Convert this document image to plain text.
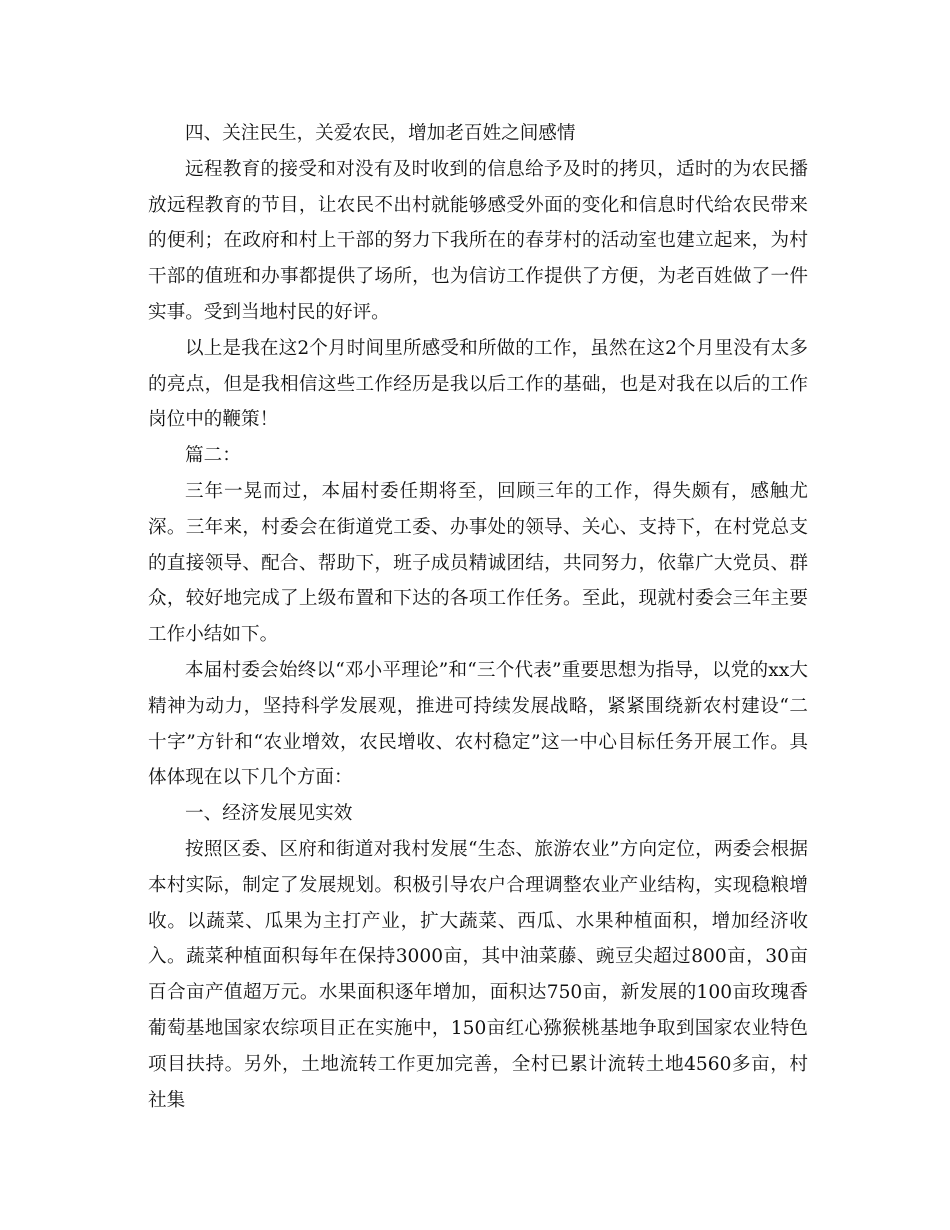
四、关注民生，关爱农民，增加老百姓之间感情

远程教育的接受和对没有及时收到的信息给予及时的拷贝，适时的为农民播放远程教育的节目，让农民不出村就能够感受外面的变化和信息时代给农民带来的便利；在政府和村上干部的努力下我所在的春芽村的活动室也建立起来，为村干部的值班和办事都提供了场所，也为信访工作提供了方便，为老百姓做了一件实事。受到当地村民的好评。

以上是我在这2个月时间里所感受和所做的工作，虽然在这2个月里没有太多的亮点，但是我相信这些工作经历是我以后工作的基础，也是对我在以后的工作岗位中的鞭策！

篇二：

三年一晃而过，本届村委任期将至，回顾三年的工作，得失颇有，感触尤深。三年来，村委会在街道党工委、办事处的领导、关心、支持下，在村党总支的直接领导、配合、帮助下，班子成员精诚团结，共同努力，依靠广大党员、群众，较好地完成了上级布置和下达的各项工作任务。至此，现就村委会三年主要工作小结如下。

本届村委会始终以“邓小平理论”和“三个代表”重要思想为指导，以党的xx大精神为动力，坚持科学发展观，推进可持续发展战略，紧紧围绕新农村建设“二十字”方针和“农业增效，农民增收、农村稳定”这一中心目标任务开展工作。具体体现在以下几个方面：

一、经济发展见实效

按照区委、区府和街道对我村发展“生态、旅游农业”方向定位，两委会根据本村实际，制定了发展规划。积极引导农户合理调整农业产业结构，实现稳粮增收。以蔬菜、瓜果为主打产业，扩大蔬菜、西瓜、水果种植面积，增加经济收入。蔬菜种植面积每年在保持3000亩，其中油菜藤、豌豆尖超过800亩，30亩百合亩产值超万元。水果面积逐年增加，面积达750亩，新发展的100亩玫瑰香葡萄基地国家农综项目正在实施中，150亩红心猕猴桃基地争取到国家农业特色项目扶持。另外，土地流转工作更加完善，全村已累计流转土地4560多亩，村社集
